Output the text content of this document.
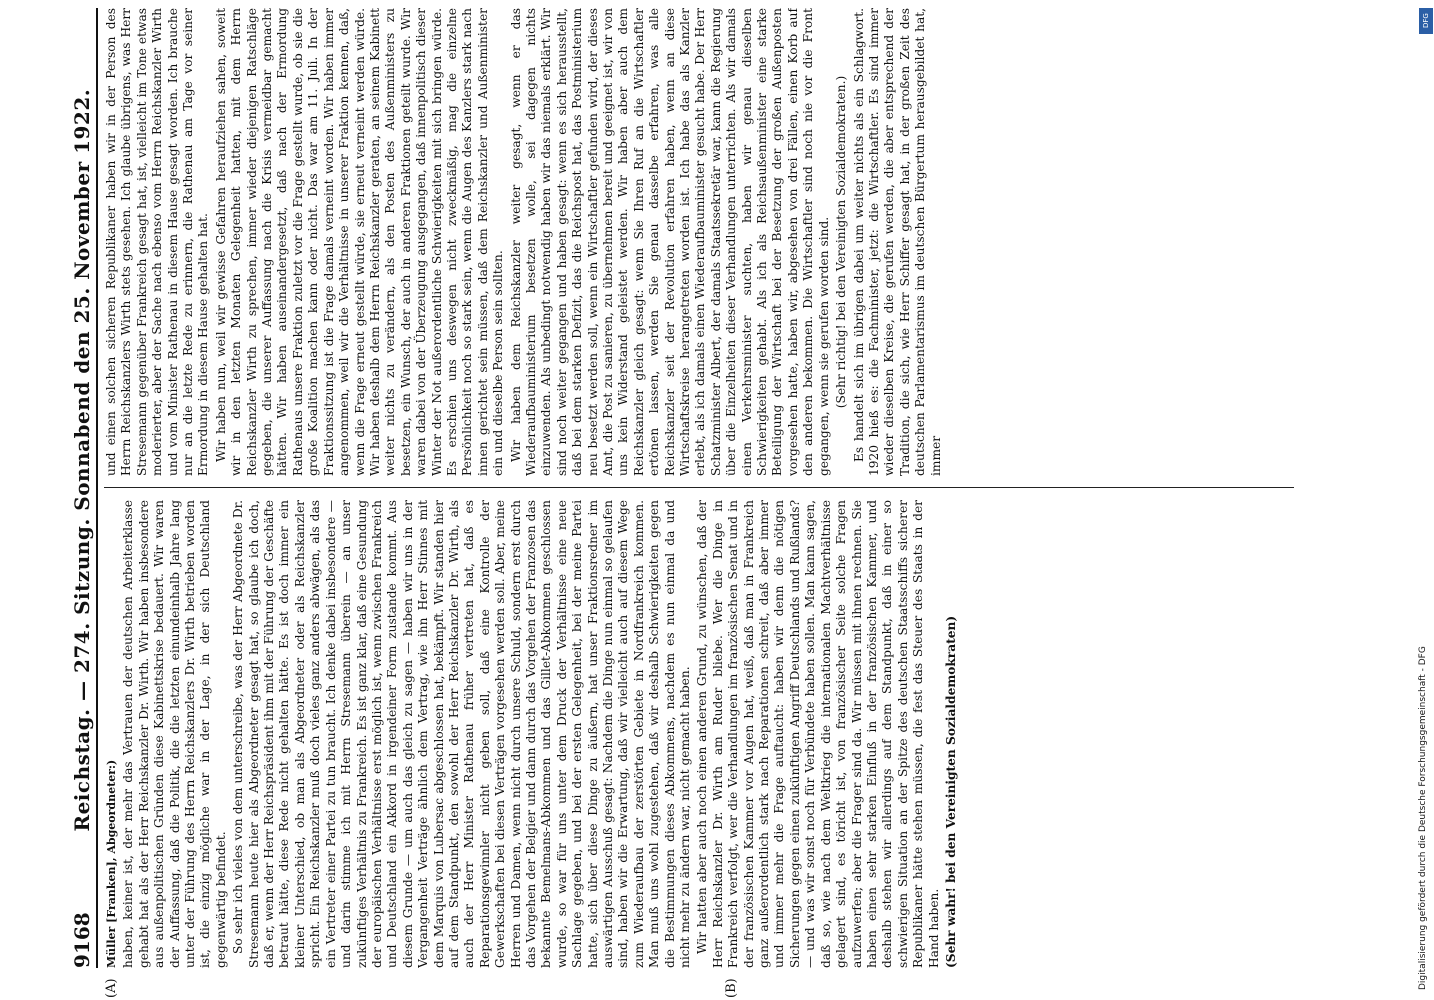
9168
Reichstag. — 274. Sitzung. Sonnabend den 25. November 1922.

Müller [Franken], Abgeordneter:) haben, keiner ist, der mehr das Vertrauen der deutschen Arbeiterklasse gehabt hat als der Herr Reichskanzler Dr. Wirth. Wir haben insbesondere aus außenpolitischen Gründen diese Kabinettskrise bedauert. Wir waren der Auffassung, daß die Politik, die die letzten einundeinhalb Jahre lang unter der Führung des Herrn Reichskanzlers Dr. Wirth betrieben worden ist, die einzig mögliche war in der Lage, in der sich Deutschland gegenwärtig befindet. So sehr ich vieles von dem unterschreibe, was der Herr Abgeordnete Dr. Stresemann heute hier als Abgeordneter gesagt hat, so glaube ich doch, daß er, wenn der Herr Reichspräsident ihm mit der Führung der Geschäfte betraut hätte, diese Rede nicht gehalten hätte. Es ist doch immer ein kleiner Unterschied, ob man als Abgeordneter oder als Reichskanzler spricht. Ein Reichskanzler muß doch vieles ganz anders abwägen, als das ein Vertreter einer Partei zu tun braucht. Ich denke dabei insbesondere — und darin stimme ich mit Herrn Stresemann überein — an unser zukünftiges Verhältnis zu Frankreich. Es ist ganz klar, daß eine Gesundung der europäischen Verhältnisse erst möglich ist, wenn zwischen Frankreich und Deutschland ein Akkord in irgendeiner Form zustande kommt. Aus diesem Grunde — um auch das gleich zu sagen — haben wir uns in der Vergangenheit Verträge ähnlich dem Vertrag, wie ihn Herr Stinnes mit dem Marquis von Lubersac abgeschlossen hat, bekämpft. Wir standen hier auf dem Standpunkt, den sowohl der Herr Reichskanzler Dr. Wirth, als auch der Herr Minister Rathenau früher vertreten hat, daß es Reparationsgewinnler nicht geben soll, daß eine Kontrolle der Gewerkschaften bei diesen Verträgen vorgesehen werden soll. Aber, meine Herren und Damen, wenn nicht durch unsere Schuld, sondern erst durch das Vorgehen der Belgier und dann durch das Vorgehen der Franzosen das bekannte Bemelmans-Abkommen und das Gillet-Abkommen geschlossen wurde, so war für uns unter dem Druck der Verhältnisse eine neue Sachlage gegeben, und bei der ersten Gelegenheit, bei der meine Partei hatte, sich über diese Dinge zu äußern, hat unser Fraktionsredner im auswärtigen Ausschuß gesagt: Nachdem die Dinge nun einmal so gelaufen sind, haben wir die Erwartung, daß wir vielleicht auch auf diesem Wege zum Wiederaufbau der zerstörten Gebiete in Nordfrankreich kommen. Man muß uns wohl zugestehen, daß wir deshalb Schwierigkeiten gegen die Bestimmungen dieses Abkommens, nachdem es nun einmal da und nicht mehr zu ändern war, nicht gemacht haben. Wir hatten aber auch noch einen anderen Grund, zu wünschen, daß der Herr Reichskanzler Dr. Wirth am Ruder bliebe. Wer die Dinge in Frankreich verfolgt, wer die Verhandlungen im französischen Senat und in der französischen Kammer vor Augen hat, weiß, daß man in Frankreich ganz außerordentlich stark nach Reparationen schreit, daß aber immer und immer mehr die Frage auftaucht: haben wir denn die nötigen Sicherungen gegen einen zukünftigen Angriff Deutschlands und Rußlands? — und was wir sonst noch für Verbündete haben sollen. Man kann sagen, daß so, wie nach dem Weltkrieg die internationalen Machtverhältnisse gelagert sind, es töricht ist, von französischer Seite solche Fragen aufzuwerfen; aber die Frager sind da. Wir müssen mit ihnen rechnen. Sie haben einen sehr starken Einfluß in der französischen Kammer, und deshalb stehen wir allerdings auf dem Standpunkt, daß in einer so schwierigen Situation an der Spitze des deutschen Staatsschiffs sicherer Republikaner hätte stehen müssen, die fest das Steuer des Staats in der Hand haben. (Sehr wahr! bei den Vereinigten Sozialdemokraten)

und einen solchen sicheren Republikaner haben wir in der Person des Herrn Reichskanzlers Wirth stets gesehen. Ich glaube übrigens, was Herr Stresemann gegenüber Frankreich gesagt hat, ist, vielleicht im Tone etwas moderierter, aber der Sache nach ebenso vom Herrn Reichskanzler Wirth und vom Minister Rathenau in diesem Hause gesagt worden. Ich brauche nur an die letzte Rede zu erinnern, die Rathenau am Tage vor seiner Ermordung in diesem Hause gehalten hat. Wir haben nun, weil wir gewisse Gefahren heraufziehen sahen, soweit wir in den letzten Monaten Gelegenheit hatten, mit dem Herrn Reichskanzler Wirth zu sprechen, immer wieder diejenigen Ratschläge gegeben, die unserer Auffassung nach die Krisis vermeidbar gemacht hätten. Wir haben auseinandergesetzt, daß nach der Ermordung Rathenaus unsere Fraktion zuletzt vor die Frage gestellt wurde, ob sie die große Koalition machen kann oder nicht. Das war am 11. Juli. In der Fraktionssitzung ist die Frage damals verneint worden. Wir haben immer angenommen, weil wir die Verhältnisse in unserer Fraktion kennen, daß, wenn die Frage erneut gestellt würde, sie erneut verneint werden würde. Wir haben deshalb dem Herrn Reichskanzler geraten, an seinem Kabinett weiter nichts zu verändern, als den Posten des Außenministers zu besetzen, ein Wunsch, der auch in anderen Fraktionen geteilt wurde. Wir waren dabei von der Überzeugung ausgegangen, daß innenpolitisch dieser Winter der Not außerordentliche Schwierigkeiten mit sich bringen würde. Es erschien uns deswegen nicht zweckmäßig, mag die einzelne Persönlichkeit noch so stark sein, wenn die Augen des Kanzlers stark nach innen gerichtet sein müssen, daß dem Reichskanzler und Außenminister ein und dieselbe Person sein sollten. Wir haben dem Reichskanzler weiter gesagt, wenn er das Wiederaufbauministerium besetzen wolle, sei dagegen nichts einzuwenden. Als unbedingt notwendig haben wir das niemals erklärt. Wir sind noch weiter gegangen und haben gesagt: wenn es sich herausstellt, daß bei dem starken Defizit, das die Reichspost hat, das Postministerium neu besetzt werden soll, wenn ein Wirtschaftler gefunden wird, der dieses Amt, die Post zu sanieren, zu übernehmen bereit und geeignet ist, wir von uns kein Widerstand geleistet werden. Wir haben aber auch dem Reichskanzler gleich gesagt: wenn Sie Ihren Ruf an die Wirtschaftler ertönen lassen, werden Sie genau dasselbe erfahren, was alle Reichskanzler seit der Revolution erfahren haben, wenn an diese Wirtschaftskreise herangetreten worden ist. Ich habe das als Kanzler erlebt, als ich damals einen Wiederaufbauminister gesucht habe. Der Herr Schatzminister Albert, der damals Staatssekretär war, kann die Regierung über die Einzelheiten dieser Verhandlungen unterrichten. Als wir damals einen Verkehrsminister suchten, haben wir genau dieselben Schwierigkeiten gehabt. Als ich als Reichsaußenminister eine starke Beteiligung der Wirtschaft bei der Besetzung der großen Außenposten vorgesehen hatte, haben wir, abgesehen von drei Fällen, einen Korb auf den anderen bekommen. Die Wirtschaftler sind noch nie vor die Front gegangen, wenn sie gerufen worden sind. (Sehr richtig! bei den Vereinigten Sozialdemokraten.) Es handelt sich im übrigen dabei um weiter nichts als ein Schlagwort. 1920 hieß es: die Fachminister, jetzt: die Wirtschaftler. Es sind immer wieder dieselben Kreise, die gerufen werden, die aber entsprechend der Tradition, die sich, wie Herr Schiffer gesagt hat, in der großen Zeit des deutschen Parlamentarismus im deutschen Bürgertum herausgebildet hat, immer

(A)	(B)	Digitalisierung gefördert durch die Deutsche Forschungsgemeinschaft - DFG
DFG
